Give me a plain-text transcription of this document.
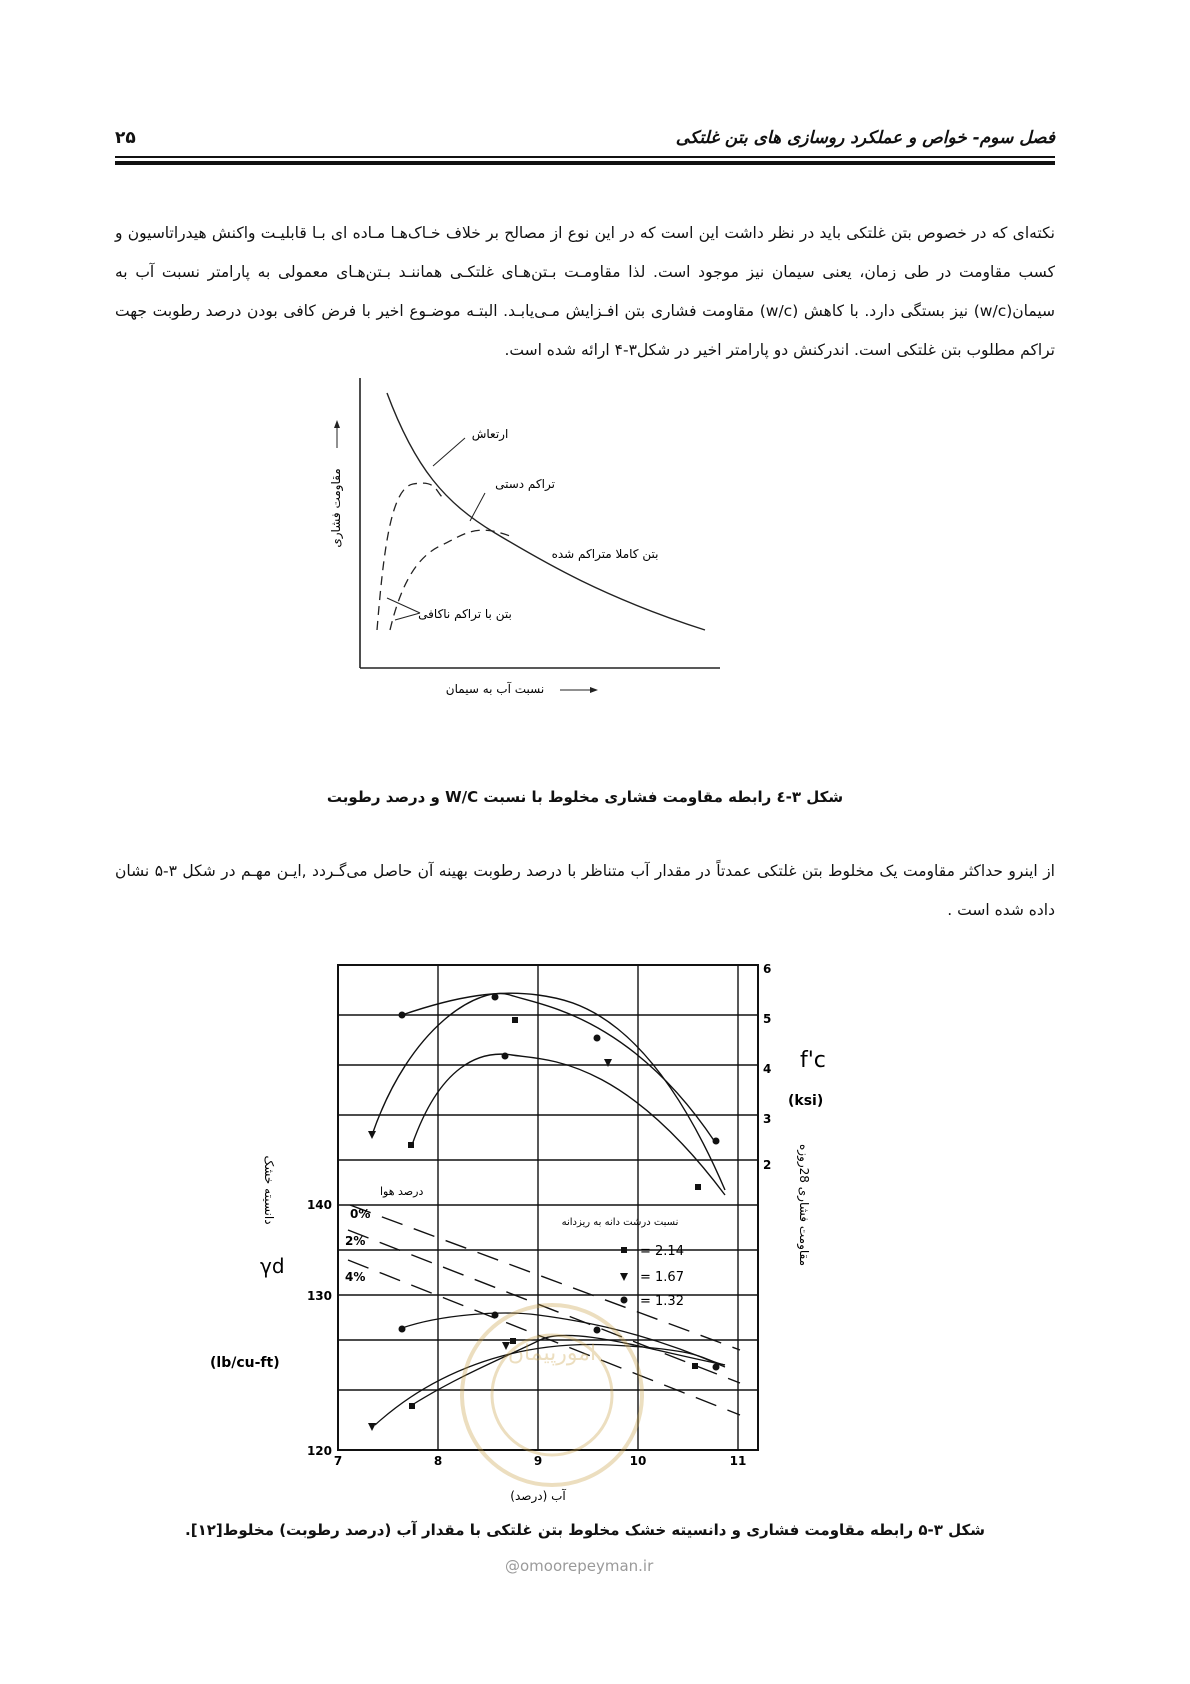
فصل سوم- خواص و عملکرد روسازی های بتن غلتکی
۲۵

نکته‌ای که در خصوص بتن غلتکی باید در نظر داشت این است که در این نوع از مصالح بر خلاف خـاک‌هـا مـاده ای بـا قابلیـت واکنش هیدراتاسیون و کسب مقاومت در طی زمان، یعنی سیمان نیز موجود است. لذا مقاومـت بـتن‌هـای غلتکـی هماننـد بـتن‌هـای معمولی به پارامتر نسبت آب به سیمان(w/c) نیز بستگی دارد. با کاهش (w/c) مقاومت فشاری بتن افـزایش مـی‌یابـد. البتـه موضـوع اخیر با فرض کافی بودن درصد رطوبت جهت تراکم مطلوب بتن غلتکی است. اندرکنش دو پارامتر اخیر در شکل۳-۴ ارائه شده است.

ارتعاش
تراکم دستی
بتن کاملا متراکم شده
بتن با تراکم ناکافی
مقاومت فشاری
نسبت آب به سیمان
شکل ۳-٤ رابطه مقاومت فشاری مخلوط با نسبت W/C و درصد رطوبت

از اینرو حداکثر مقاومت یک مخلوط بتن غلتکی عمدتاً در مقدار آب متناظر با درصد رطوبت بهینه آن حاصل می‌گـردد ,ایـن مهـم در شکل ۳-۵ نشان داده شده است .

درصد هوا
0%
2%
4%
نسبت درشت دانه به ریزدانه
= 2.14
= 1.67
= 1.32
7	8	9	10	11
آب (درصد)
140
130
120
دانسیته خشک
γd
(lb/cu-ft)
6
5
4
3
2
f'c
(ksi)
مقاومت فشاری 28روزه
امورپیمان
شکل ۳-۵ رابطه مقاومت فشاری و دانسیته خشک مخلوط بتن غلتکی با مقدار آب (درصد رطوبت) مخلوط[۱۲].
@omoorepeyman.ir
